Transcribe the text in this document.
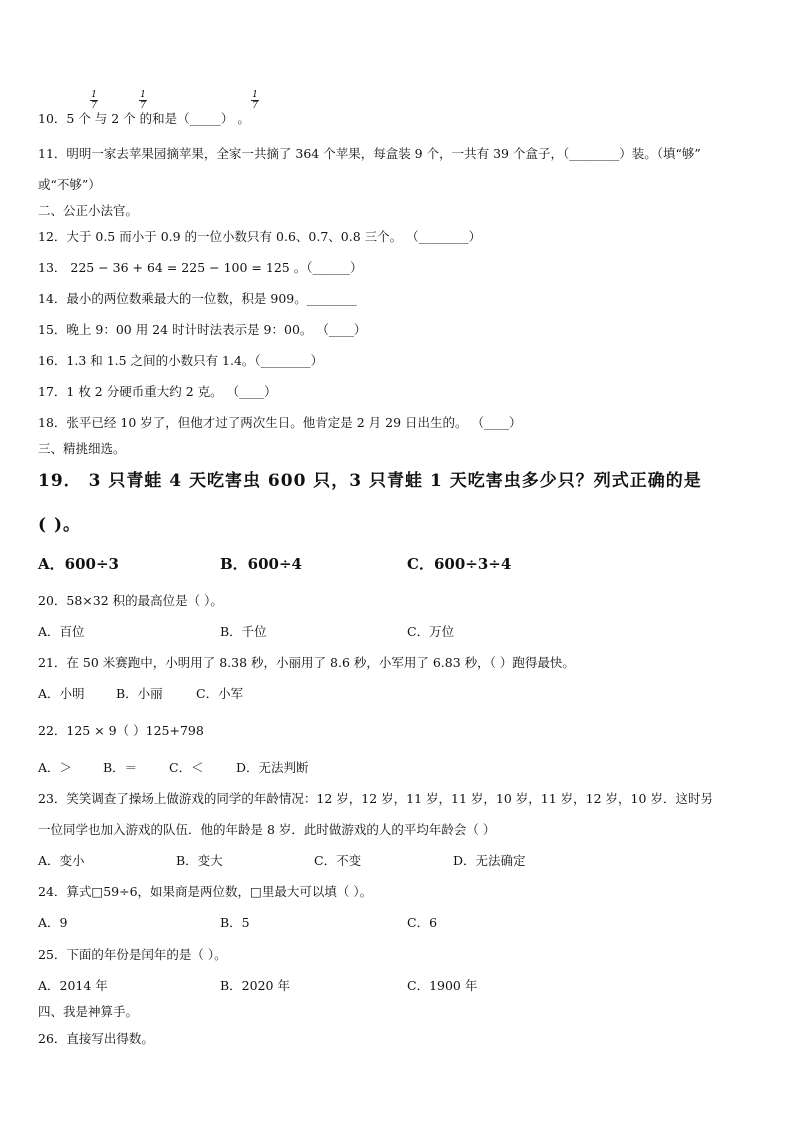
1
7
1
7
1
7
10．5 个 与 2 个 的和是（_____） 。
11．明明一家去苹果园摘苹果，全家一共摘了 364 个苹果，每盒装 9 个，一共有 39 个盒子，（________）装。（填“够”
或“不够”）
二、公正小法官。
12．大于 0.5 而小于 0.9 的一位小数只有 0.6、0.7、0.8 三个。 （________）
13． 225 − 36 + 64 = 225 − 100 = 125 。（______）
14．最小的两位数乘最大的一位数，积是 909。________
15．晚上 9：00 用 24 时计时法表示是 9：00。 （____）
16．1.3 和 1.5 之间的小数只有 1.4。（________）
17．1 枚 2 分硬币重大约 2 克。 （____）
18．张平已经 10 岁了，但他才过了两次生日。他肯定是 2 月 29 日出生的。 （____）
三、精挑细选。
19． 3 只青蛙 4 天吃害虫 600 只，3 只青蛙 1 天吃害虫多少只？列式正确的是
( )。
A．600÷3	B．600÷4	C．600÷3÷4
20．58×32 积的最高位是（ ）。
A．百位	B．千位	C．万位
21．在 50 米赛跑中，小明用了 8.38 秒，小丽用了 8.6 秒，小军用了 6.83 秒，（ ）跑得最快。
A．小明	B．小丽	C．小军
22．125 × 9（ ）125+798
A．＞ B．＝	C．＜	D．无法判断
23．笑笑调查了操场上做游戏的同学的年龄情况：12 岁，12 岁，11 岁，11 岁，10 岁，11 岁，12 岁，10 岁．这时另
一位同学也加入游戏的队伍．他的年龄是 8 岁．此时做游戏的人的平均年龄会（ ）
A．变小	B．变大	C．不变	D．无法确定
24．算式□59÷6，如果商是两位数，□里最大可以填（ ）。
A．9	B．5	C．6
25．下面的年份是闰年的是（ ）。
A．2014 年	B．2020 年	C．1900 年
四、我是神算手。
26．直接写出得数。
